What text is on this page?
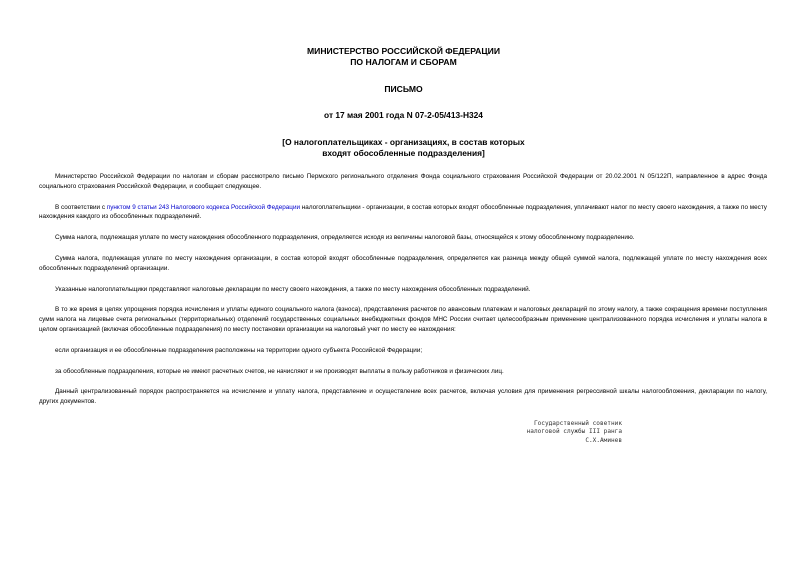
МИНИСТЕРСТВО РОССИЙСКОЙ ФЕДЕРАЦИИ
ПО НАЛОГАМ И СБОРАМ
ПИСЬМО
от 17 мая 2001 года N 07-2-05/413-Н324
[О налогоплательщиках - организациях, в состав которых
входят обособленные подразделения]

Министерство Российской Федерации по налогам и сборам рассмотрело письмо Пермского регионального отделения Фонда социального страхования Российской Федерации от 20.02.2001 N 05/122П, направленное в адрес Фонда социального страхования Российской Федерации, и сообщает следующее.

В соответствии с пунктом 9 статьи 243 Налогового кодекса Российской Федерации налогоплательщики - организации, в состав которых входят обособленные подразделения, уплачивают налог по месту своего нахождения, а также по месту нахождения каждого из обособленных подразделений.

Сумма налога, подлежащая уплате по месту нахождения обособленного подразделения, определяется исходя из величины налоговой базы, относящейся к этому обособленному подразделению.

Сумма налога, подлежащая уплате по месту нахождения организации, в состав которой входят обособленные подразделения, определяется как разница между общей суммой налога, подлежащей уплате по месту нахождения всех обособленных подразделений организации.

Указанные налогоплательщики представляют налоговые декларации по месту своего нахождения, а также по месту нахождения обособленных подразделений.

В то же время в целях упрощения порядка исчисления и уплаты единого социального налога (взноса), представления расчетов по авансовым платежам и налоговых деклараций по этому налогу, а также сокращения времени поступления сумм налога на лицевые счета региональных (территориальных) отделений государственных социальных внебюджетных фондов МНС России считает целесообразным применение централизованного порядка исчисления и уплаты налога в целом организацией (включая обособленные подразделения) по месту постановки организации на налоговый учет по месту ее нахождения:

если организация и ее обособленные подразделения расположены на территории одного субъекта Российской Федерации;

за обособленные подразделения, которые не имеют расчетных счетов, не начисляют и не производят выплаты в пользу работников и физических лиц.

Данный централизованный порядок распространяется на исчисление и уплату налога, представление и осуществление всех расчетов, включая условия для применения регрессивной шкалы налогообложения, декларации по налогу, других документов.

Государственный советник
налоговой службы III ранга
С.Х.Аминев
